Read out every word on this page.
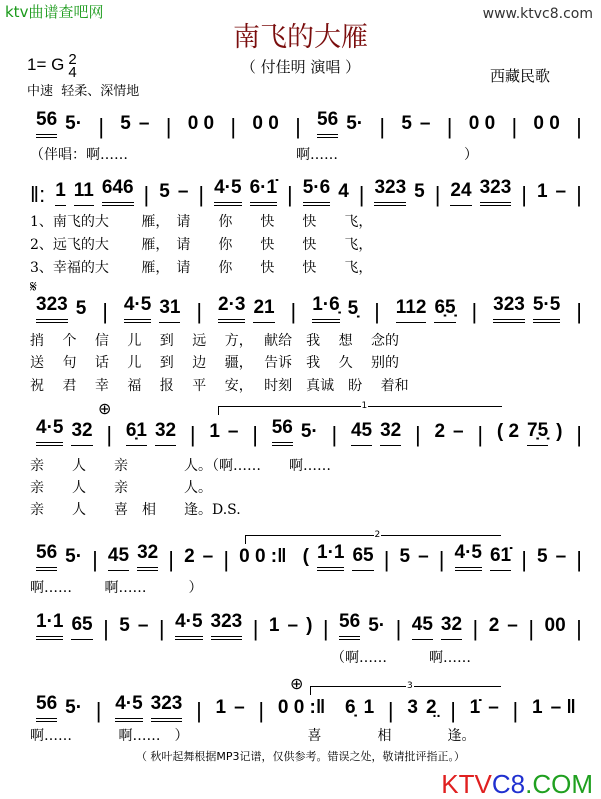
ktv曲谱查吧网	www.ktvc8.com
南飞的大雁
（ 付佳明 演唱 ）
1= G 2
4
中速  轻柔、深情地
西藏民歌
56 5· | 5 – | 0 0 | 0 0 | 56 5· | 5 – | 0 0 | 0 0 |
（伴唱：啊……　　　　　　　　　　　　啊……　　　　　　　　　）
‖: 1 11 646 | 5 – | 4·5 6·1̇ | 5·6 4 | 323 5 | 24 323 | 1 – |
1、南飞的大　　 雁，　请　　你　　快　　快　　飞，
2、远飞的大　　 雁，　请　　你　　快　　快　　飞，
3、幸福的大　　 雁，　请　　你　　快　　快　　飞，
323 5 | 4·5 31 | 2·3 21 | 1·6̣ 5̣ | 112 6̣5̣ | 323 5·5 |
捎　 个　 信　 儿　 到　 远　 方，　 献给　我　 想　 念的
送　 句　 话　 儿　 到　 边　 疆，　 告诉　我　 久　 别的
祝　 君　 幸　 福　 报　 平　 安，　 时刻　真诚　盼　 着和
𝄋
4·5 32 | 6̣1 32 | 1 – | 56 5· | 45 32 | 2 – | ( 2 7̣5̣ ) |
亲　　人　　亲　　　　人。（啊……　　啊……
亲　　人　　亲　　　　人。
亲　　人　　喜　相　　逢。D.S.
⊕	1
56 5· | 45 32 | 2 – | 0 0 :‖ ( 1·1 65 | 5 – | 4·5 61̇ | 5 – |
啊……　　 啊……　　　）
2
1·1 65 | 5 – | 4·5 323 | 1 – ) | 56 5· | 45 32 | 2 – | 00 |
　　　　　　　　　　　　　　　　　　　　　　（啊……　　　啊……
56 5· | 4·5 323 | 1 – | 0 0 :‖ 6̣ 1 | 3 2̤ | 1̇ – | 1 – ‖
啊……　　　 啊……　）　　　　　　　　　喜　　　　相　　　　逢。
⊕	3
（ 秋叶起舞根据MP3记谱，仅供参考。错误之处，敬请批评指正。）
KTVC8.COM
